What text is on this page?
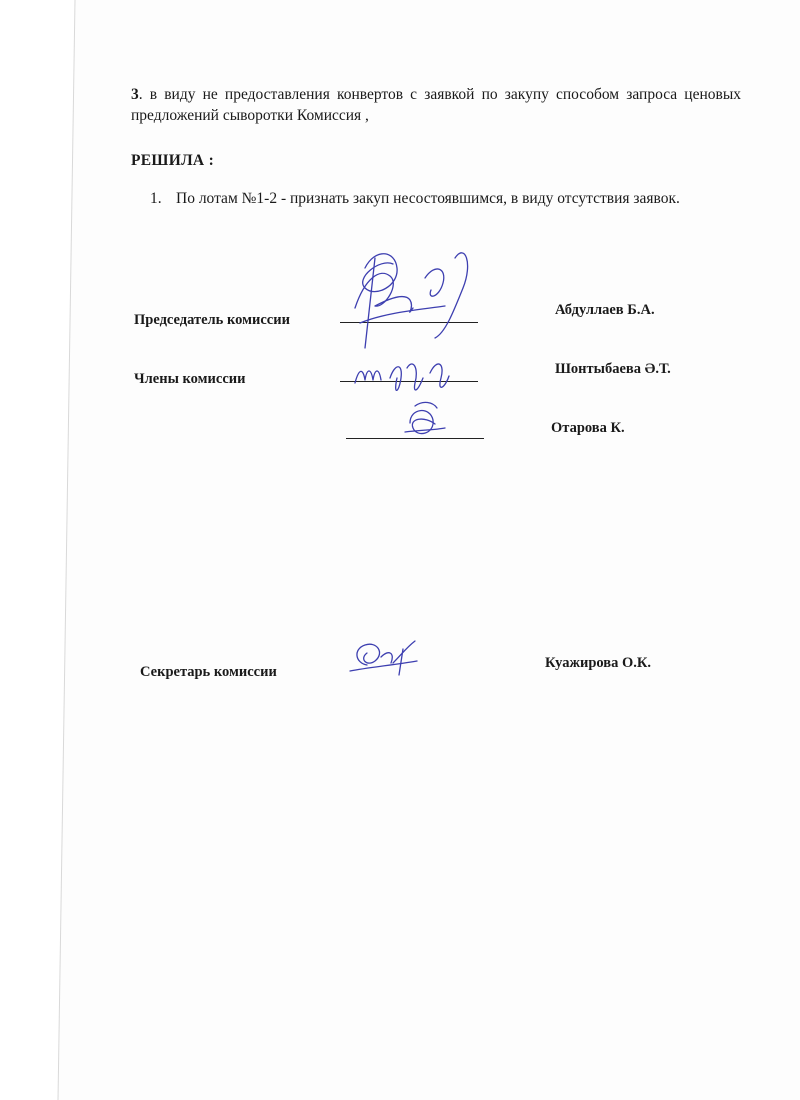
3. в виду не предоставления конвертов с заявкой по закупу способом запроса ценовых предложений сыворотки Комиссия ,
РЕШИЛА :
1. По лотам №1-2 - признать закуп несостоявшимся, в виду отсутствия заявок.
Председатель комиссии
Абдуллаев Б.А.
Члены комиссии
Шонтыбаева Ә.Т.
Отарова К.
Секретарь комиссии
Куажирова О.К.
